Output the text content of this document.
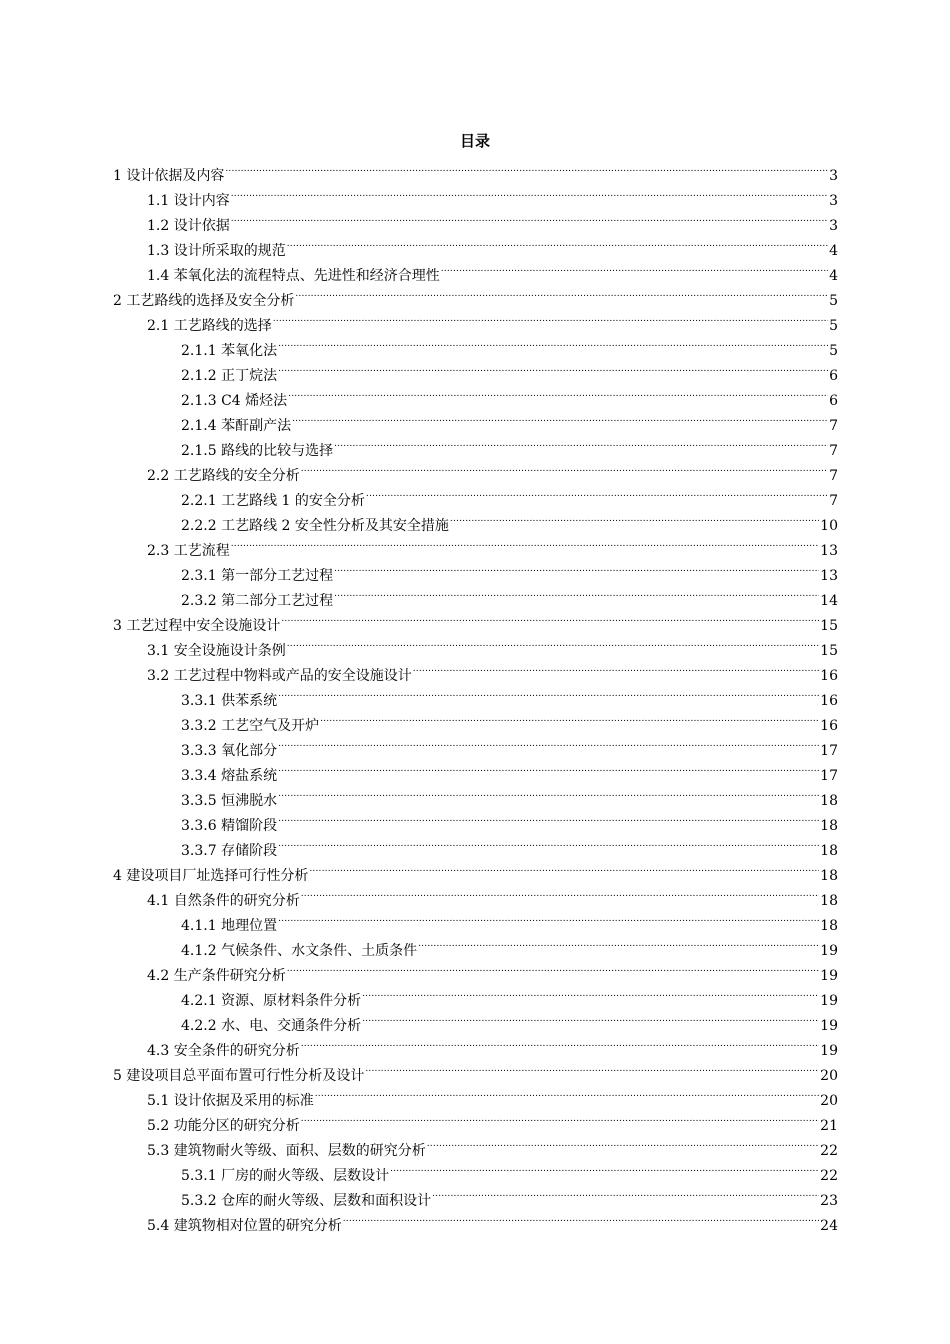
目录
1 设计依据及内容 .....	3
1.1 设计内容 .....	3
1.2 设计依据 .....	3
1.3 设计所采取的规范 .....	4
1.4 苯氧化法的流程特点、先进性和经济合理性 .....	4
2 工艺路线的选择及安全分析 .....	5
2.1 工艺路线的选择 .....	5
2.1.1 苯氧化法 .....	5
2.1.2 正丁烷法 .....	6
2.1.3 C4 烯烃法 .....	6
2.1.4 苯酐副产法 .....	7
2.1.5 路线的比较与选择 .....	7
2.2 工艺路线的安全分析 .....	7
2.2.1 工艺路线 1 的安全分析 .....	7
2.2.2 工艺路线 2 安全性分析及其安全措施 .....	10
2.3 工艺流程 .....	13
2.3.1 第一部分工艺过程 .....	13
2.3.2 第二部分工艺过程 .....	14
3 工艺过程中安全设施设计 .....	15
3.1 安全设施设计条例 .....	15
3.2 工艺过程中物料或产品的安全设施设计 .....	16
3.3.1 供苯系统 .....	16
3.3.2 工艺空气及开炉 .....	16
3.3.3 氧化部分 .....	17
3.3.4 熔盐系统 .....	17
3.3.5 恒沸脱水 .....	18
3.3.6 精馏阶段 .....	18
3.3.7 存储阶段 .....	18
4 建设项目厂址选择可行性分析 .....	18
4.1 自然条件的研究分析 .....	18
4.1.1 地理位置 .....	18
4.1.2 气候条件、水文条件、土质条件 .....	19
4.2 生产条件研究分析 .....	19
4.2.1 资源、原材料条件分析 .....	19
4.2.2 水、电、交通条件分析 .....	19
4.3 安全条件的研究分析 .....	19
5 建设项目总平面布置可行性分析及设计 .....	20
5.1 设计依据及采用的标准 .....	20
5.2 功能分区的研究分析 .....	21
5.3 建筑物耐火等级、面积、层数的研究分析 .....	22
5.3.1 厂房的耐火等级、层数设计 .....	22
5.3.2 仓库的耐火等级、层数和面积设计 .....	23
5.4 建筑物相对位置的研究分析 .....	24
